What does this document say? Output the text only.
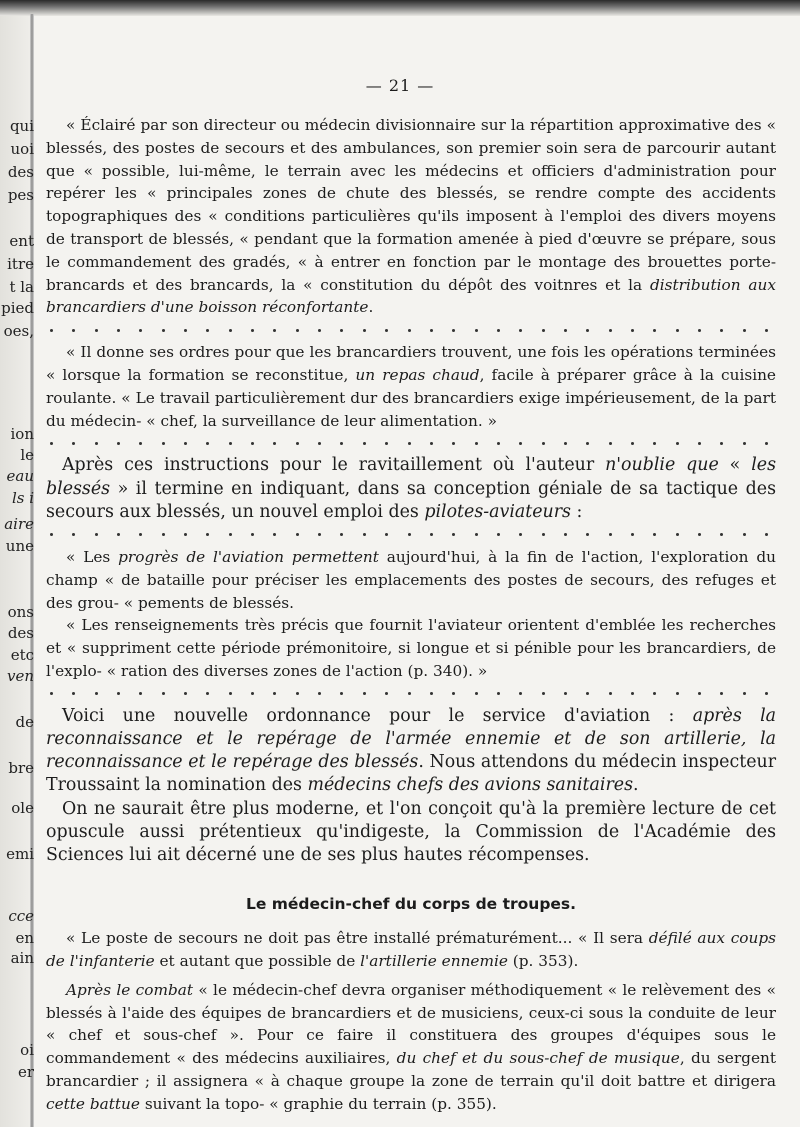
qui
uoi
des
pes
ent
itre
t la
pied
oes,
ion
le
eau
ls i
aire
une
ons
des
etc
ven
de
bre
ole
emi
cce
en
ain
oi
er
— 21 —

« Éclairé par son directeur ou médecin divisionnaire sur la répartition approximative des « blessés, des postes de secours et des ambulances, son premier soin sera de parcourir autant que « possible, lui-même, le terrain avec les médecins et officiers d'administration pour repérer les « principales zones de chute des blessés, se rendre compte des accidents topographiques des « conditions particulières qu'ils imposent à l'emploi des divers moyens de transport de blessés, « pendant que la formation amenée à pied d'œuvre se prépare, sous le commandement des gradés, « à entrer en fonction par le montage des brouettes porte-brancards et des brancards, la « constitution du dépôt des voitnres et la distribution aux brancardiers d'une boisson réconfortante.

« Il donne ses ordres pour que les brancardiers trouvent, une fois les opérations terminées « lorsque la formation se reconstitue, un repas chaud, facile à préparer grâce à la cuisine roulante. « Le travail particulièrement dur des brancardiers exige impérieusement, de la part du médecin- « chef, la surveillance de leur alimentation. »

Après ces instructions pour le ravitaillement où l'auteur n'oublie que « les blessés » il termine en indiquant, dans sa conception géniale de sa tactique des secours aux blessés, un nouvel emploi des pilotes-aviateurs :

« Les progrès de l'aviation permettent aujourd'hui, à la fin de l'action, l'exploration du champ « de bataille pour préciser les emplacements des postes de secours, des refuges et des grou- « pements de blessés.

« Les renseignements très précis que fournit l'aviateur orientent d'emblée les recherches et « suppriment cette période prémonitoire, si longue et si pénible pour les brancardiers, de l'explo- « ration des diverses zones de l'action (p. 340). »

Voici une nouvelle ordonnance pour le service d'aviation : après la reconnaissance et le repérage de l'armée ennemie et de son artillerie, la reconnaissance et le repérage des blessés. Nous attendons du médecin inspecteur Troussaint la nomination des médecins chefs des avions sanitaires.

On ne saurait être plus moderne, et l'on conçoit qu'à la première lecture de cet opuscule aussi prétentieux qu'indigeste, la Commission de l'Académie des Sciences lui ait décerné une de ses plus hautes récompenses.

Le médecin-chef du corps de troupes.

« Le poste de secours ne doit pas être installé prématurément... « Il sera défilé aux coups de l'infanterie et autant que possible de l'artillerie ennemie (p. 353).

Après le combat « le médecin-chef devra organiser méthodiquement « le relèvement des « blessés à l'aide des équipes de brancardiers et de musiciens, ceux-ci sous la conduite de leur « chef et sous-chef ». Pour ce faire il constituera des groupes d'équipes sous le commandement « des médecins auxiliaires, du chef et du sous-chef de musique, du sergent brancardier ; il assignera « à chaque groupe la zone de terrain qu'il doit battre et dirigera cette battue suivant la topo- « graphie du terrain (p. 355).
